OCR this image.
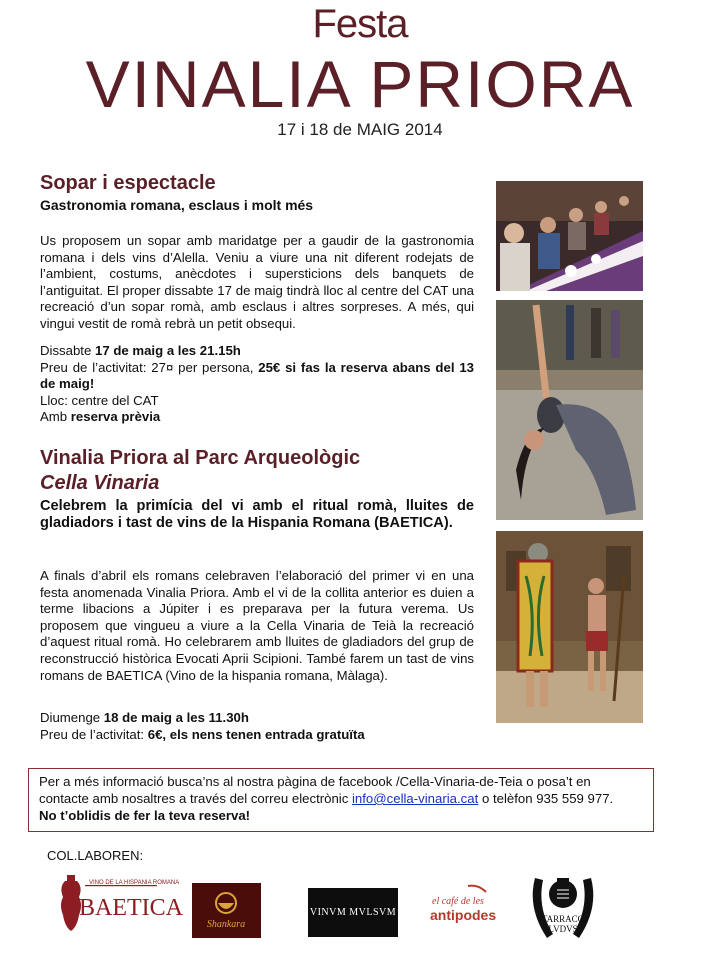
Festa
VINALIA PRIORA
17 i 18 de MAIG 2014
Sopar i espectacle
Gastronomia romana, esclaus i molt més
Us proposem un sopar amb maridatge per a gaudir de la gastronomia romana i dels vins d’Alella. Veniu a viure una nit diferent rodejats de l’ambient, costums, anècdotes i supersticions dels banquets de l’antiguitat. El proper dissabte 17 de maig tindrà lloc al centre del CAT una recreació d’un sopar romà, amb esclaus i altres sorpreses. A més, qui vingui vestit de romà rebrà un petit obsequi.
Dissabte 17 de maig a les 21.15h
Preu de l’activitat: 27¤ per persona, 25€ si fas la reserva abans del 13 de maig!
Lloc: centre del CAT
Amb reserva prèvia
Vinalia Priora al Parc Arqueològic
Cella Vinaria
Celebrem la primícia del vi amb el ritual romà, lluites de gladiadors i tast de vins de la Hispania Romana (BAETICA).
A finals d’abril els romans celebraven l’elaboració del primer vi en una festa anomenada Vinalia Priora. Amb el vi de la collita anterior es duien a terme libacions a Júpiter i es preparava per la futura verema. Us proposem que vingueu a viure a la Cella Vinaria de Teià la recreació d’aquest ritual romà. Ho celebrarem amb lluites de gladiadors del grup de reconstrucció històrica Evocati Aprii Scipioni. També farem un tast de vins romans de BAETICA (Vino de la hispania romana, Màlaga).
Diumenge 18 de maig a les 11.30h
Preu de l’activitat: 6€, els nens tenen entrada gratuïta
Per a més informació busca’ns al nostra pàgina de facebook /Cella-Vinaria-de-Teia o posa’t en contacte amb nosaltres a través del correu electrònic info@cella-vinaria.cat o telèfon 935 559 977.
No t’oblidis de fer la teva reserva!
COL.LABOREN:
VINO DE LA HISPANIA ROMANA
BAETICA
Shankara
VINVM MVLSVM
el café de les
antipodes	TARRACO
LVDVS
